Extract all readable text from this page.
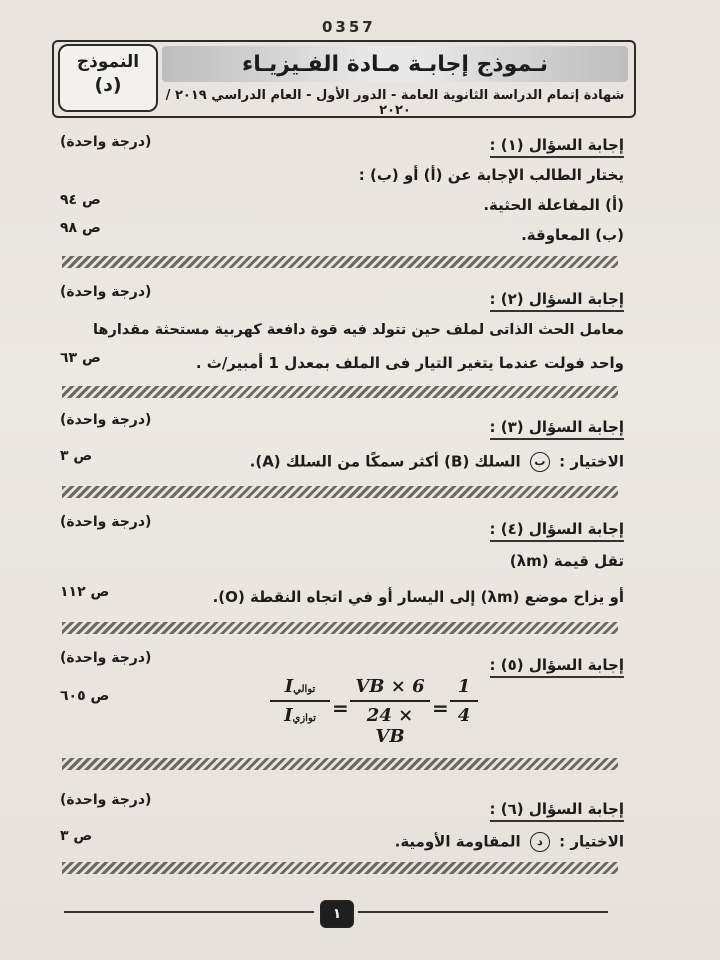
0357
نـموذج إجابـة مـادة الفـيزيـاء
شهادة إتمام الدراسة الثانوية العامة - الدور الأول - العام الدراسي ٢٠١٩ / ٢٠٢٠
النموذج
(د)
إجابة السؤال (١) :
(درجة واحدة)
يختار الطالب الإجابة عن (أ) أو (ب) :
(أ) المفاعلة الحثية.
ص ٩٤
(ب) المعاوقة.
ص ٩٨
إجابة السؤال (٢) :
(درجة واحدة)
معامل الحث الذاتى لملف حين تتولد فيه قوة دافعة كهربية مستحثة مقدارها
واحد فولت عندما يتغير التيار فى الملف بمعدل 1 أمبير/ث .
ص ٦٣
إجابة السؤال (٣) :
(درجة واحدة)
الاختيار : ب السلك (B) أكثر سمكًا من السلك (A).
ص ٣
إجابة السؤال (٤) :
(درجة واحدة)
تقل قيمة (λm)
أو يزاح موضع (λm) إلى اليسار أو في اتجاه النقطة (O).
ص ١١٢
إجابة السؤال (٥) :
(درجة واحدة)
ص ٦٠٥	Iتوالي
Iتوازي = $\frac{VB \times 6}{24 \times VB} = \frac{1}{4}$
إجابة السؤال (٦) :
(درجة واحدة)
الاختيار : د المقاومة الأومية.
ص ٣
١
